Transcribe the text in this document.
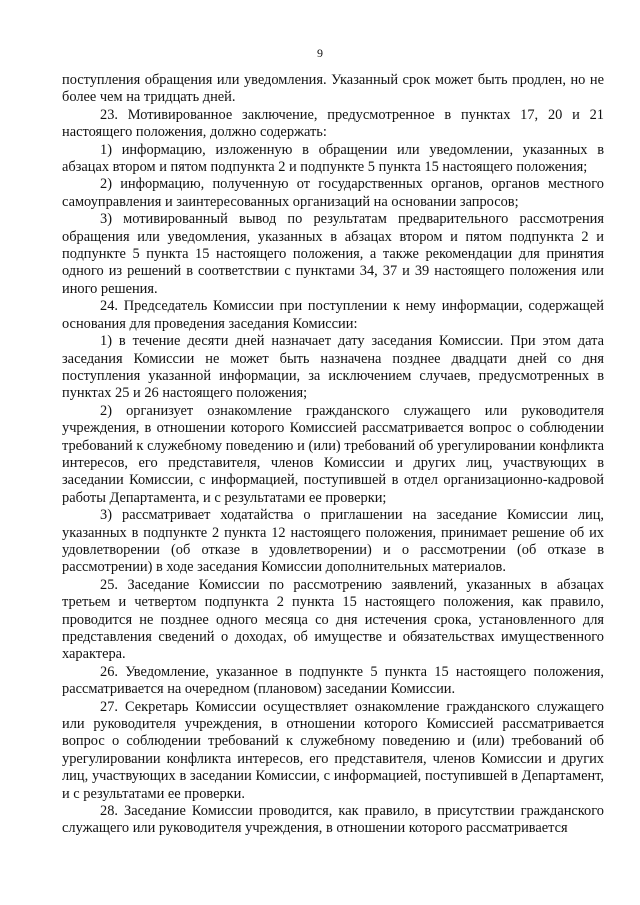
9

поступления обращения или уведомления. Указанный срок может быть продлен, но не более чем на тридцать дней.

23. Мотивированное заключение, предусмотренное в пунктах 17, 20 и 21 настоящего положения, должно содержать:

1) информацию, изложенную в обращении или уведомлении, указанных в абзацах втором и пятом подпункта 2 и подпункте 5 пункта 15 настоящего положения;

2) информацию, полученную от государственных органов, органов местного самоуправления и заинтересованных организаций на основании запросов;

3) мотивированный вывод по результатам предварительного рассмотрения обращения или уведомления, указанных в абзацах втором и пятом подпункта 2 и подпункте 5 пункта 15 настоящего положения, а также рекомендации для принятия одного из решений в соответствии с пунктами 34, 37 и 39 настоящего положения или иного решения.

24. Председатель Комиссии при поступлении к нему информации, содержащей основания для проведения заседания Комиссии:

1) в течение десяти дней назначает дату заседания Комиссии. При этом дата заседания Комиссии не может быть назначена позднее двадцати дней со дня поступления указанной информации, за исключением случаев, предусмотренных в пунктах 25 и 26 настоящего положения;

2) организует ознакомление гражданского служащего или руководителя учреждения, в отношении которого Комиссией рассматривается вопрос о соблюдении требований к служебному поведению и (или) требований об урегулировании конфликта интересов, его представителя, членов Комиссии и других лиц, участвующих в заседании Комиссии, с информацией, поступившей в отдел организационно-кадровой работы Департамента, и с результатами ее проверки;

3) рассматривает ходатайства о приглашении на заседание Комиссии лиц, указанных в подпункте 2 пункта 12 настоящего положения, принимает решение об их удовлетворении (об отказе в удовлетворении) и о рассмотрении (об отказе в рассмотрении) в ходе заседания Комиссии дополнительных материалов.

25. Заседание Комиссии по рассмотрению заявлений, указанных в абзацах третьем и четвертом подпункта 2 пункта 15 настоящего положения, как правило, проводится не позднее одного месяца со дня истечения срока, установленного для представления сведений о доходах, об имуществе и обязательствах имущественного характера.

26. Уведомление, указанное в подпункте 5 пункта 15 настоящего положения, рассматривается на очередном (плановом) заседании Комиссии.

27. Секретарь Комиссии осуществляет ознакомление гражданского служащего или руководителя учреждения, в отношении которого Комиссией рассматривается вопрос о соблюдении требований к служебному поведению и (или) требований об урегулировании конфликта интересов, его представителя, членов Комиссии и других лиц, участвующих в заседании Комиссии, с информацией, поступившей в Департамент, и с результатами ее проверки.

28. Заседание Комиссии проводится, как правило, в присутствии гражданского служащего или руководителя учреждения, в отношении которого рассматривается
